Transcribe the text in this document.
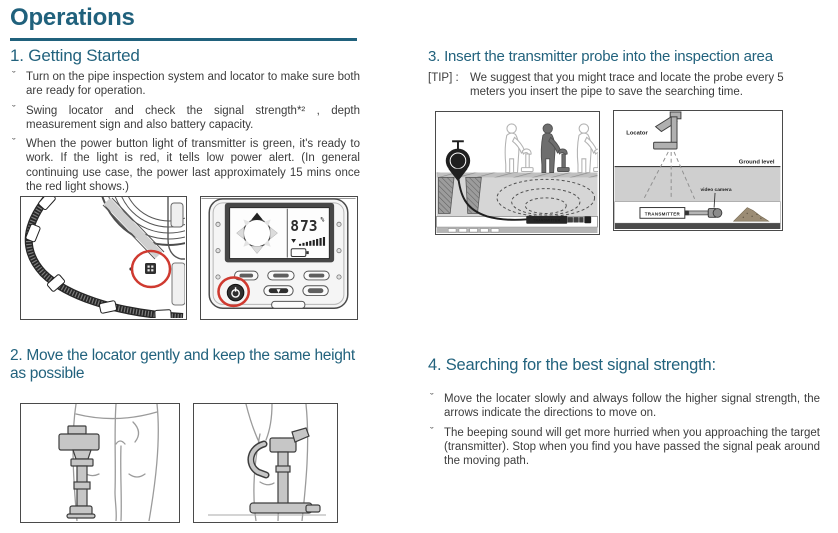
Operations
1. Getting Started
ˇ Turn on the pipe inspection system and locator to make sure both are ready for operation.
ˇ Swing locator and check the signal strength*² , depth measurement sign and also battery capacity.
ˇ When the power button light of transmitter is green, it's ready to work. If the light is red, it tells low power alert. (In general continuing use case, the power last approximately 15 mins once the red light shows.)
8 73 %
2. Move the locator gently and keep the same height as possible
3. Insert the transmitter probe into the inspection area
[TIP] : We suggest that you might trace and locate the probe every 5 meters you insert the pipe to save the searching time.
TRANSMITTER
Locator
Ground level
video camera
TRANSMITTER
4. Searching for the best signal strength:
ˇ Move the locater slowly and always follow the higher signal strength, the arrows indicate the directions to move on.
ˇ The beeping sound will get more hurried when you approaching the target (transmitter). Stop when you find you have passed the signal peak around the moving path.
